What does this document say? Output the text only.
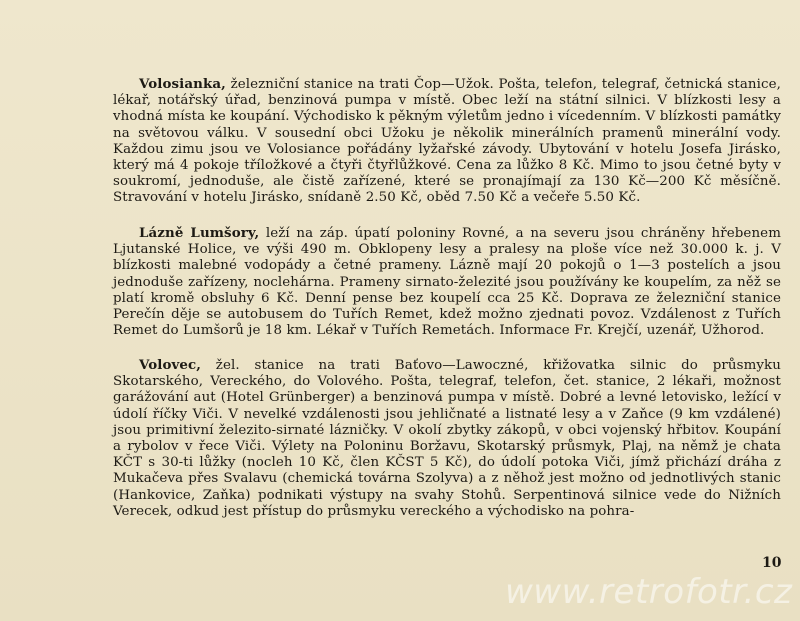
Volosianka, železniční stanice na trati Čop—Užok. Pošta, telefon, telegraf, četnická stanice, lékař, notářský úřad, benzinová pumpa v místě. Obec leží na státní silnici. V blízkosti lesy a vhodná místa ke koupání. Východisko k pěkným výletům jedno i vícedenním. V blízkosti památky na světovou válku. V sousední obci Užoku je několik minerálních pramenů minerální vody. Každou zimu jsou ve Volosiance pořádány lyžařské závody. Ubytování v hotelu Josefa Jirásko, který má 4 pokoje tříložkové a čtyři čtyřlůžkové. Cena za lůžko 8 Kč. Mimo to jsou četné byty v soukromí, jednoduše, ale čistě zařízené, které se pronajímají za 130 Kč—200 Kč měsíčně. Stravování v hotelu Jirásko, snídaně 2.50 Kč, oběd 7.50 Kč a večeře 5.50 Kč.

Lázně Lumšory, leží na záp. úpatí poloniny Rovné, a na severu jsou chráněny hřebenem Ljutanské Holice, ve výši 490 m. Obklopeny lesy a pralesy na ploše více než 30.000 k. j. V blízkosti malebné vodopády a četné prameny. Lázně mají 20 pokojů o 1—3 postelích a jsou jednoduše zařízeny, noclehárna. Prameny sirnato-železité jsou používány ke koupelím, za něž se platí kromě obsluhy 6 Kč. Denní pense bez koupelí cca 25 Kč. Doprava ze železniční stanice Perečín děje se autobusem do Tuřích Remet, kdež možno zjednati povoz. Vzdálenost z Tuřích Remet do Lumšorů je 18 km. Lékař v Tuřích Remetách. Informace Fr. Krejčí, uzenář, Užhorod.

Volovec, žel. stanice na trati Baťovo—Lawoczné, křižovatka silnic do průsmyku Skotarského, Vereckého, do Volového. Pošta, telegraf, telefon, čet. stanice, 2 lékaři, možnost garážování aut (Hotel Grünberger) a benzinová pumpa v místě. Dobré a levné letovisko, ležící v údolí říčky Viči. V nevelké vzdálenosti jsou jehličnaté a listnaté lesy a v Zaňce (9 km vzdálené) jsou primitivní železito-sirnaté lázničky. V okolí zbytky zákopů, v obci vojenský hřbitov. Koupání a rybolov v řece Viči. Výlety na Poloninu Boržavu, Skotarský průsmyk, Plaj, na němž je chata KČT s 30-ti lůžky (nocleh 10 Kč, člen KČST 5 Kč), do údolí potoka Viči, jímž přichází dráha z Mukačeva přes Svalavu (chemická továrna Szolyva) a z něhož jest možno od jednotlivých stanic (Hankovice, Zaňka) podnikati výstupy na svahy Stohů. Serpentinová silnice vede do Nižních Verecek, odkud jest přístup do průsmyku vereckého a východisko na pohra-

10
www.retrofotr.cz
